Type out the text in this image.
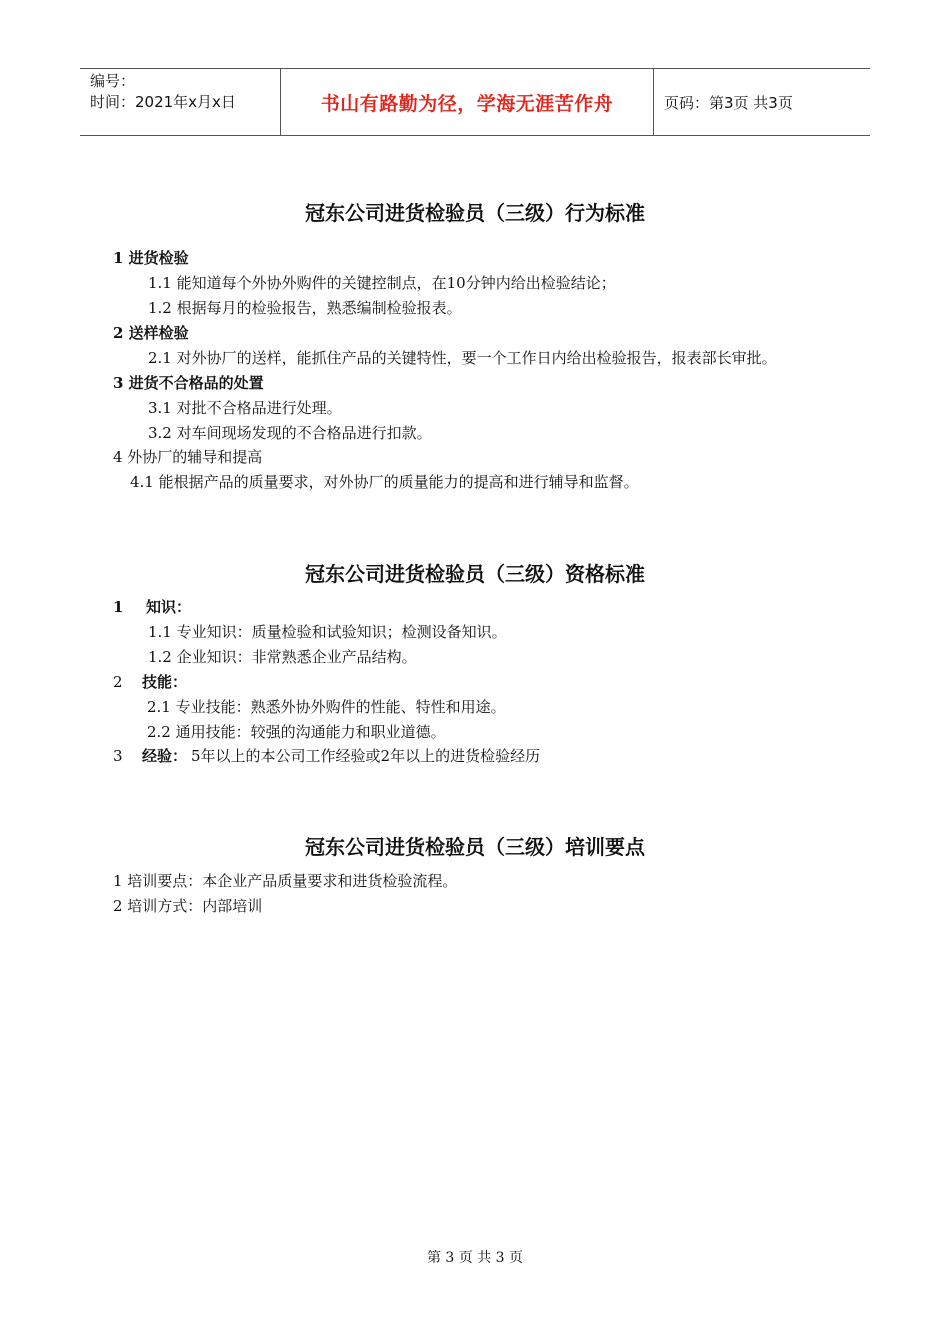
编号：
时间：2021年x月x日	书山有路勤为径，学海无涯苦作舟	页码：第3页 共3页
冠东公司进货检验员（三级）行为标准
1 进货检验
1.1 能知道每个外协外购件的关键控制点，在10分钟内给出检验结论；
1.2 根据每月的检验报告，熟悉编制检验报表。
2 送样检验
2.1 对外协厂的送样，能抓住产品的关键特性，要一个工作日内给出检验报告，报表部长审批。
3 进货不合格品的处置
3.1 对批不合格品进行处理。
3.2 对车间现场发现的不合格品进行扣款。
4 外协厂的辅导和提高
4.1 能根据产品的质量要求，对外协厂的质量能力的提高和进行辅导和监督。
冠东公司进货检验员（三级）资格标准
1 知识：
1.1 专业知识：质量检验和试验知识；检测设备知识。
1.2 企业知识：非常熟悉企业产品结构。
2 技能：
2.1 专业技能：熟悉外协外购件的性能、特性和用途。
2.2 通用技能：较强的沟通能力和职业道德。
3 经验： 5年以上的本公司工作经验或2年以上的进货检验经历
冠东公司进货检验员（三级）培训要点
1 培训要点：本企业产品质量要求和进货检验流程。
2 培训方式：内部培训
第 3 页 共 3 页
